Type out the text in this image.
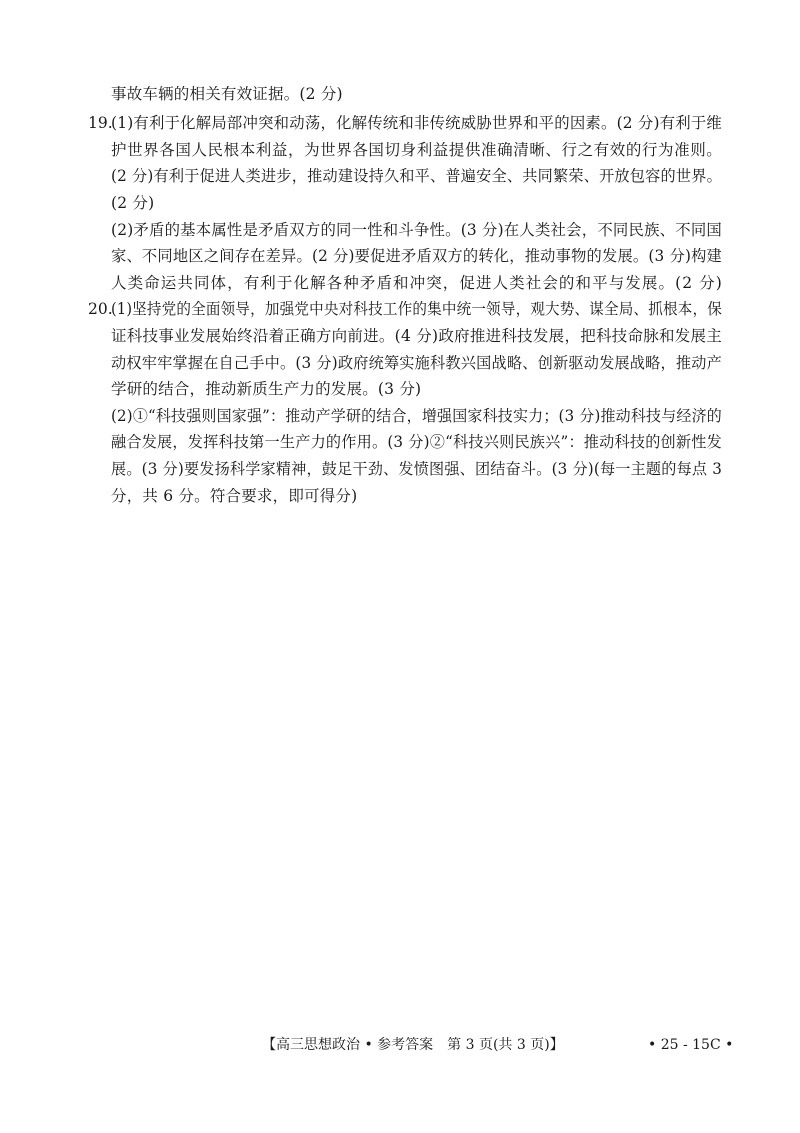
事故车辆的相关有效证据。(2 分)
19.
(1)有利于化解局部冲突和动荡，化解传统和非传统威胁世界和平的因素。(2 分)有利于维
护世界各国人民根本利益，为世界各国切身利益提供准确清晰、行之有效的行为准则。
(2 分)有利于促进人类进步，推动建设持久和平、普遍安全、共同繁荣、开放包容的世界。
(2 分)
(2)矛盾的基本属性是矛盾双方的同一性和斗争性。(3 分)在人类社会，不同民族、不同国
家、不同地区之间存在差异。(2 分)要促进矛盾双方的转化，推动事物的发展。(3 分)构建
人类命运共同体，有利于化解各种矛盾和冲突，促进人类社会的和平与发展。(2 分)
20.
(1)坚持党的全面领导，加强党中央对科技工作的集中统一领导，观大势、谋全局、抓根本，保
证科技事业发展始终沿着正确方向前进。(4 分)政府推进科技发展，把科技命脉和发展主
动权牢牢掌握在自己手中。(3 分)政府统筹实施科教兴国战略、创新驱动发展战略，推动产
学研的结合，推动新质生产力的发展。(3 分)
(2)①“科技强则国家强”：推动产学研的结合，增强国家科技实力；(3 分)推动科技与经济的
融合发展，发挥科技第一生产力的作用。(3 分)②“科技兴则民族兴”：推动科技的创新性发
展。(3 分)要发扬科学家精神，鼓足干劲、发愤图强、团结奋斗。(3 分)(每一主题的每点 3
分，共 6 分。符合要求，即可得分)
【高三思想政治 • 参考答案　第 3 页(共 3 页)】	• 25 - 15C •
